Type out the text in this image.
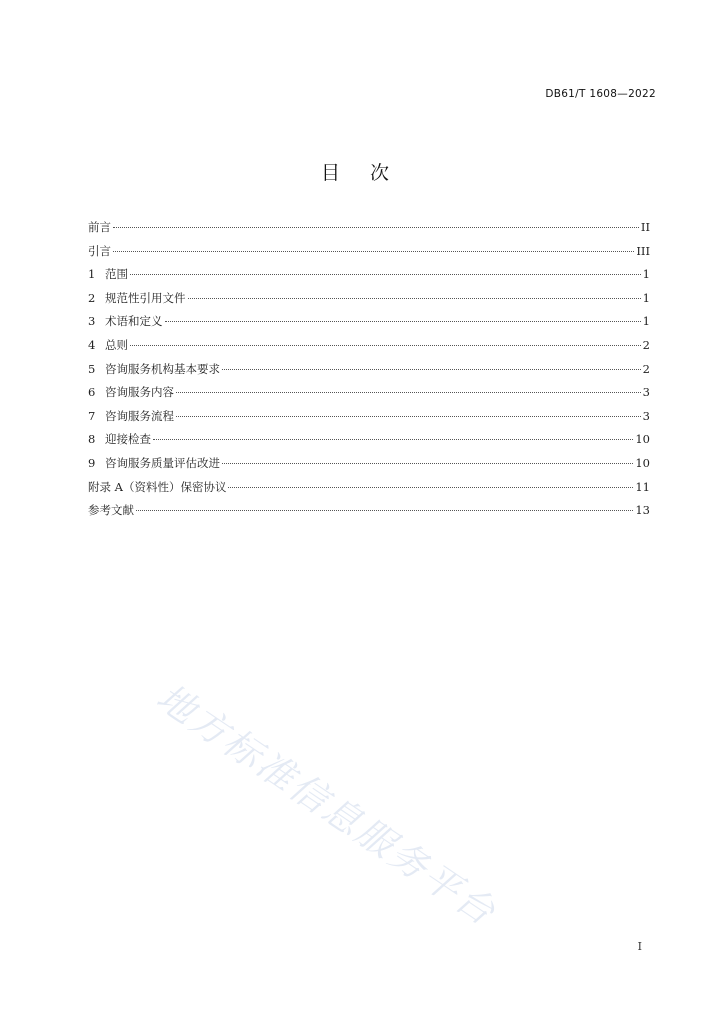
DB61/T 1608—2022
目次
前言	II
引言	III
1 范围	1
2 规范性引用文件	1
3 术语和定义	1
4 总则	2
5 咨询服务机构基本要求	2
6 咨询服务内容	3
7 咨询服务流程	3
8 迎接检查	10
9 咨询服务质量评估改进	10
附录 A（资料性）保密协议	11
参考文献	13
地方标准信息服务平台
I
